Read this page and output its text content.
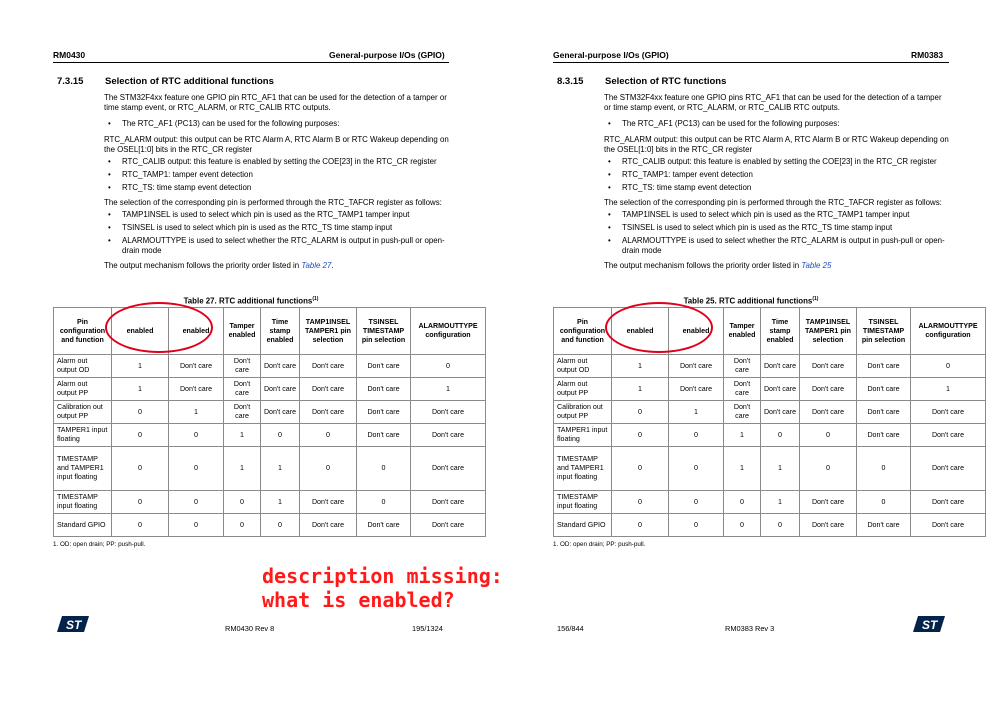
RM0430	General-purpose I/Os (GPIO)
7.3.15 Selection of RTC additional functions

The STM32F4xx feature one GPIO pin RTC_AF1 that can be used for the detection of a tamper or time stamp event, or RTC_ALARM, or RTC_CALIB RTC outputs.

• The RTC_AF1 (PC13) can be used for the following purposes:

RTC_ALARM output: this output can be RTC Alarm A, RTC Alarm B or RTC Wakeup depending on the OSEL[1:0] bits in the RTC_CR register

• RTC_CALIB output: this feature is enabled by setting the COE[23] in the RTC_CR register
• RTC_TAMP1: tamper event detection
• RTC_TS: time stamp event detection

The selection of the corresponding pin is performed through the RTC_TAFCR register as follows:

• TAMP1INSEL is used to select which pin is used as the RTC_TAMP1 tamper input
• TSINSEL is used to select which pin is used as the RTC_TS time stamp input
• ALARMOUTTYPE is used to select whether the RTC_ALARM is output in push-pull or open-drain mode

The output mechanism follows the priority order listed in Table 27.

Table 27. RTC additional functions$^{(1)}$
Pin configuration and function	enabled	enabled	Tamper enabled	Time stamp enabled	TAMP1INSEL TAMPER1 pin selection	TSINSEL TIMESTAMP pin selection	ALARMOUTTYPE configuration
Alarm out output OD	1	Don't care	Don't care	Don't care	Don't care	Don't care	0
Alarm out output PP	1	Don't care	Don't care	Don't care	Don't care	Don't care	1
Calibration out output PP	0	1	Don't care	Don't care	Don't care	Don't care	Don't care
TAMPER1 input floating	0	0	1	0	0	Don't care	Don't care
TIMESTAMP and TAMPER1 input floating	0	0	1	1	0	0	Don't care
TIMESTAMP input floating	0	0	0	1	Don't care	0	Don't care
Standard GPIO	0	0	0	0	Don't care	Don't care	Don't care
1. OD: open drain; PP: push-pull.
ST	RM0430 Rev 8	195/1324
General-purpose I/Os (GPIO)	RM0383
8.3.15 Selection of RTC functions

The STM32F4xx feature one GPIO pins RTC_AF1 that can be used for the detection of a tamper or time stamp event, or RTC_ALARM, or RTC_CALIB RTC outputs.

• The RTC_AF1 (PC13) can be used for the following purposes:

RTC_ALARM output: this output can be RTC Alarm A, RTC Alarm B or RTC Wakeup depending on the OSEL[1:0] bits in the RTC_CR register

• RTC_CALIB output: this feature is enabled by setting the COE[23] in the RTC_CR register
• RTC_TAMP1: tamper event detection
• RTC_TS: time stamp event detection

The selection of the corresponding pin is performed through the RTC_TAFCR register as follows:

• TAMP1INSEL is used to select which pin is used as the RTC_TAMP1 tamper input
• TSINSEL is used to select which pin is used as the RTC_TS time stamp input
• ALARMOUTTYPE is used to select whether the RTC_ALARM is output in push-pull or open-drain mode

The output mechanism follows the priority order listed in Table 25

Table 25. RTC additional functions$^{(1)}$
Pin configuration and function	enabled	enabled	Tamper enabled	Time stamp enabled	TAMP1INSEL TAMPER1 pin selection	TSINSEL TIMESTAMP pin selection	ALARMOUTTYPE configuration
Alarm out output OD	1	Don't care	Don't care	Don't care	Don't care	Don't care	0
Alarm out output PP	1	Don't care	Don't care	Don't care	Don't care	Don't care	1
Calibration out output PP	0	1	Don't care	Don't care	Don't care	Don't care	Don't care
TAMPER1 input floating	0	0	1	0	0	Don't care	Don't care
TIMESTAMP and TAMPER1 input floating	0	0	1	1	0	0	Don't care
TIMESTAMP input floating	0	0	0	1	Don't care	0	Don't care
Standard GPIO	0	0	0	0	Don't care	Don't care	Don't care
1. OD: open drain; PP: push-pull.
156/844	RM0383 Rev 3	ST
description missing:
what is enabled?
